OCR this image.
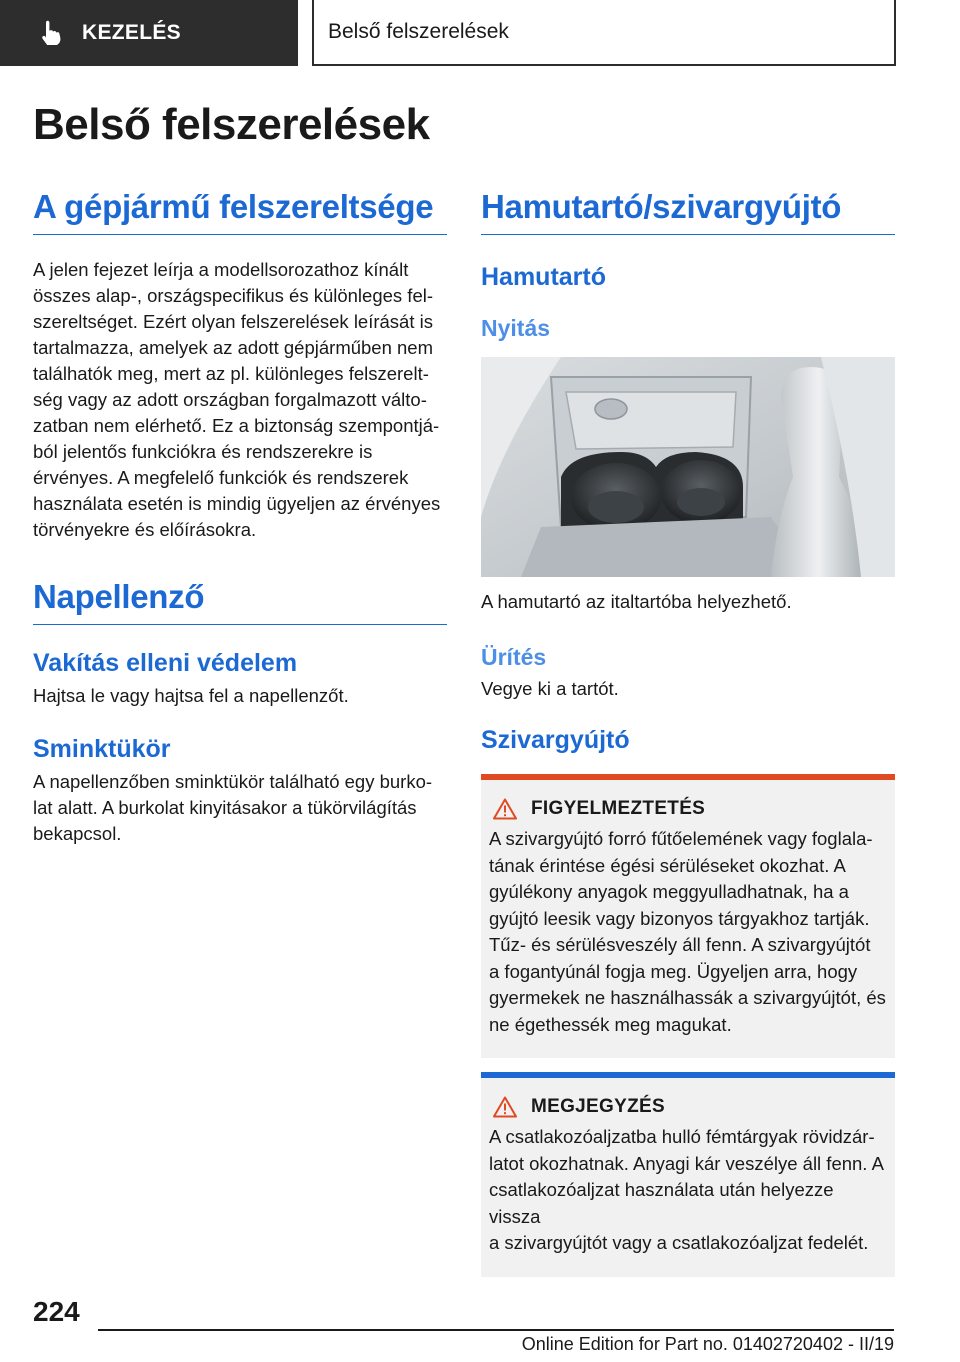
KEZELÉS	Belső felszerelések
Belső felszerelések
A gépjármű felszereltsége
A jelen fejezet leírja a modellsorozathoz kínált
összes alap-, országspecifikus és különleges fel-
szereltséget. Ezért olyan felszerelések leírását is
tartalmazza, amelyek az adott gépjárműben nem
találhatók meg, mert az pl. különleges felszerelt-
ség vagy az adott országban forgalmazott válto-
zatban nem elérhető. Ez a biztonság szempontjá-
ból jelentős funkciókra és rendszerekre is
érvényes. A megfelelő funkciók és rendszerek
használata esetén is mindig ügyeljen az érvényes
törvényekre és előírásokra.
Napellenző
Vakítás elleni védelem
Hajtsa le vagy hajtsa fel a napellenzőt.
Sminktükör
A napellenzőben sminktükör található egy burko-
lat alatt. A burkolat kinyitásakor a tükörvilágítás
bekapcsol.
Hamutartó/szivargyújtó
Hamutartó
Nyitás
A hamutartó az italtartóba helyezhető.
Ürítés
Vegye ki a tartót.
Szivargyújtó
FIGYELMEZTETÉS
A szivargyújtó forró fűtőelemének vagy foglala-
tának érintése égési sérüléseket okozhat. A
gyúlékony anyagok meggyulladhatnak, ha a
gyújtó leesik vagy bizonyos tárgyakhoz tartják.
Tűz- és sérülésveszély áll fenn. A szivargyújtót
a fogantyúnál fogja meg. Ügyeljen arra, hogy
gyermekek ne használhassák a szivargyújtót, és
ne égethessék meg magukat.
MEGJEGYZÉS
A csatlakozóaljzatba hulló fémtárgyak rövidzár-
latot okozhatnak. Anyagi kár veszélye áll fenn. A
csatlakozóaljzat használata után helyezze vissza
a szivargyújtót vagy a csatlakozóaljzat fedelét.
224
Online Edition for Part no. 01402720402 - II/19
